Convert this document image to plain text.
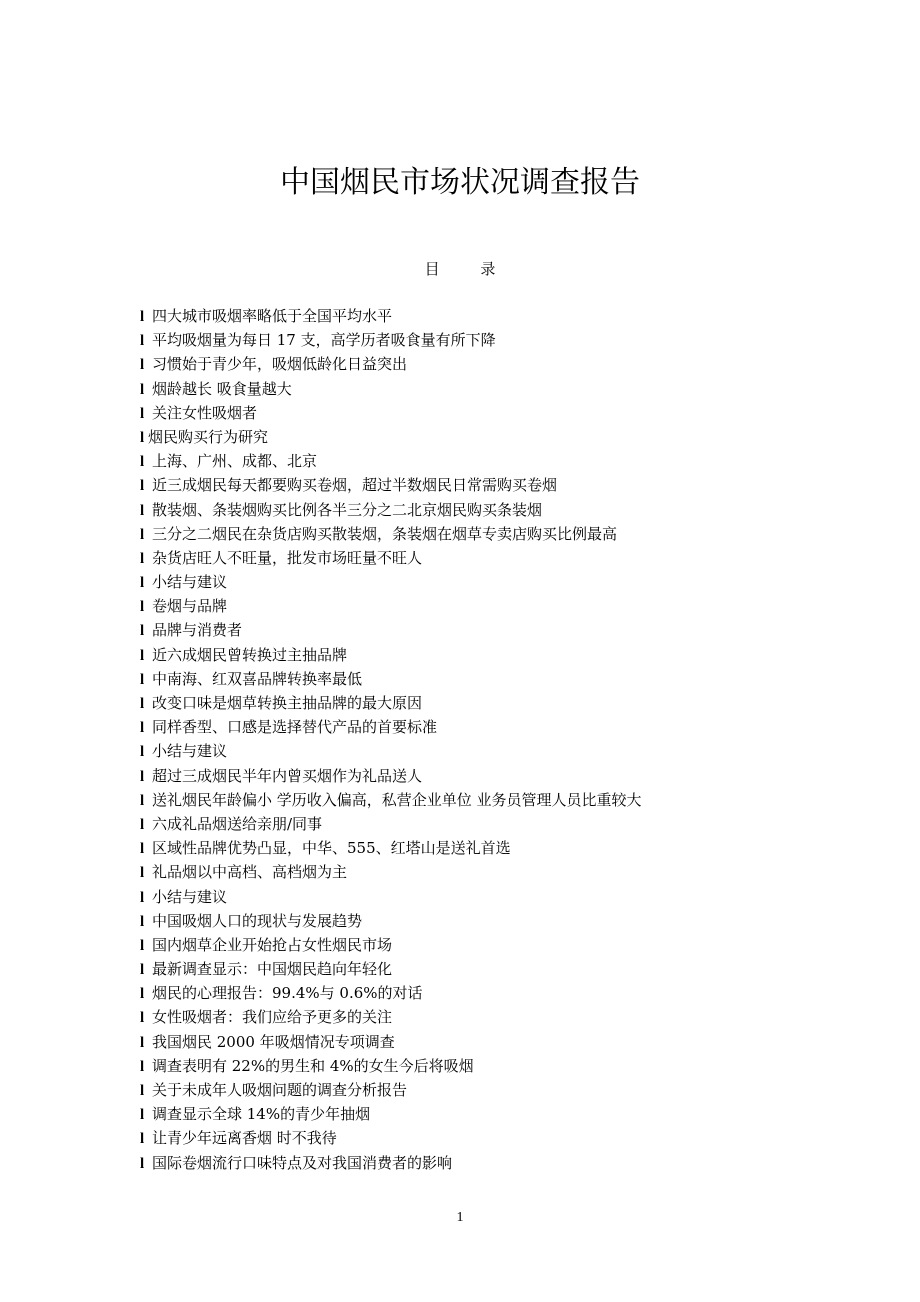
中国烟民市场状况调查报告
目 录
l 四大城市吸烟率略低于全国平均水平
l 平均吸烟量为每日 17 支，高学历者吸食量有所下降
l 习惯始于青少年，吸烟低龄化日益突出
l 烟龄越长 吸食量越大
l 关注女性吸烟者
l 烟民购买行为研究
l 上海、广州、成都、北京
l 近三成烟民每天都要购买卷烟，超过半数烟民日常需购买卷烟
l 散装烟、条装烟购买比例各半三分之二北京烟民购买条装烟
l 三分之二烟民在杂货店购买散装烟，条装烟在烟草专卖店购买比例最高
l 杂货店旺人不旺量，批发市场旺量不旺人
l 小结与建议
l 卷烟与品牌
l 品牌与消费者
l 近六成烟民曾转换过主抽品牌
l 中南海、红双喜品牌转换率最低
l 改变口味是烟草转换主抽品牌的最大原因
l 同样香型、口感是选择替代产品的首要标准
l 小结与建议
l 超过三成烟民半年内曾买烟作为礼品送人
l 送礼烟民年龄偏小 学历收入偏高，私营企业单位 业务员管理人员比重较大
l 六成礼品烟送给亲朋/同事
l 区域性品牌优势凸显，中华、555、红塔山是送礼首选
l 礼品烟以中高档、高档烟为主
l 小结与建议
l 中国吸烟人口的现状与发展趋势
l 国内烟草企业开始抢占女性烟民市场
l 最新调查显示：中国烟民趋向年轻化
l 烟民的心理报告：99.4%与 0.6%的对话
l 女性吸烟者：我们应给予更多的关注
l 我国烟民 2000 年吸烟情况专项调查
l 调查表明有 22%的男生和 4%的女生今后将吸烟
l 关于未成年人吸烟问题的调查分析报告
l 调查显示全球 14%的青少年抽烟
l 让青少年远离香烟 时不我待
l 国际卷烟流行口味特点及对我国消费者的影响
1
